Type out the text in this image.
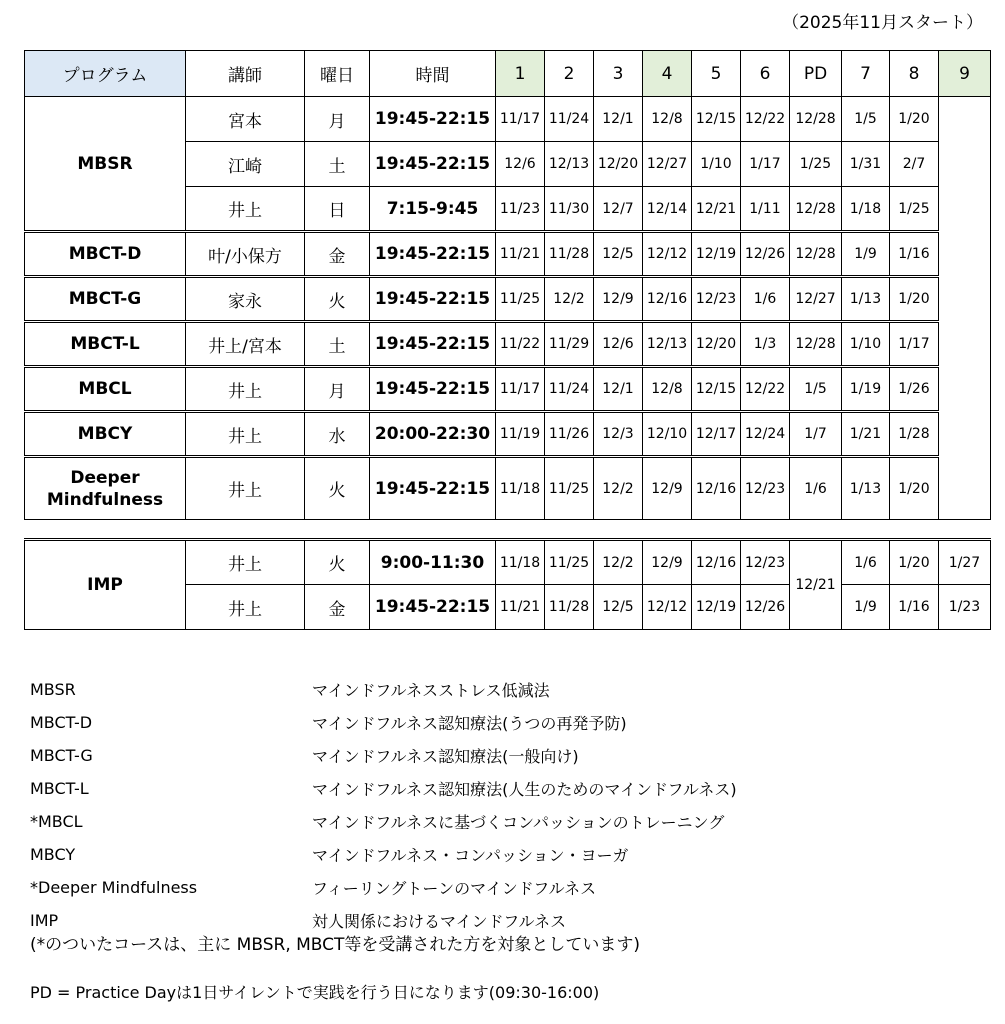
（2025年11月スタート）
プログラム	講師	曜日	時間	1	2	3	4	5	6	PD	7	8	9
MBSR	宮本	月	19:45-22:15	11/17	11/24	12/1	12/8	12/15	12/22	12/28	1/5	1/20	
	江崎	土	19:45-22:15	12/6	12/13	12/20	12/27	1/10	1/17	1/25	1/31	2/7	
	井上	日	7:15-9:45	11/23	11/30	12/7	12/14	12/21	1/11	12/28	1/18	1/25	
MBCT-D	叶/小保方	金	19:45-22:15	11/21	11/28	12/5	12/12	12/19	12/26	12/28	1/9	1/16	
MBCT-G	家永	火	19:45-22:15	11/25	12/2	12/9	12/16	12/23	1/6	12/27	1/13	1/20	
MBCT-L	井上/宮本	土	19:45-22:15	11/22	11/29	12/6	12/13	12/20	1/3	12/28	1/10	1/17	
MBCL	井上	月	19:45-22:15	11/17	11/24	12/1	12/8	12/15	12/22	1/5	1/19	1/26	
MBCY	井上	水	20:00-22:30	11/19	11/26	12/3	12/10	12/17	12/24	1/7	1/21	1/28	

Deeper
Mindfulness	井上	火	19:45-22:15	11/18	11/25	12/2	12/9	12/16	12/23	1/6	1/13	1/20	
IMP	井上	火	9:00-11:30	11/18	11/25	12/2	12/9	12/16	12/23	12/21	1/6	1/20	1/27
	井上	金	19:45-22:15	11/21	11/28	12/5	12/12	12/19	12/26		1/9	1/16	1/23
MBSR	マインドフルネスストレス低減法
MBCT-D	マインドフルネス認知療法(うつの再発予防)
MBCT-G	マインドフルネス認知療法(一般向け)
MBCT-L	マインドフルネス認知療法(人生のためのマインドフルネス)
*MBCL	マインドフルネスに基づくコンパッションのトレーニング
MBCY	マインドフルネス・コンパッション・ヨーガ
*Deeper Mindfulness	フィーリングトーンのマインドフルネス
IMP	対人関係におけるマインドフルネス
(*のついたコースは、主に MBSR, MBCT等を受講された方を対象としています)
PD = Practice Dayは1日サイレントで実践を行う日になります(09:30-16:00)
